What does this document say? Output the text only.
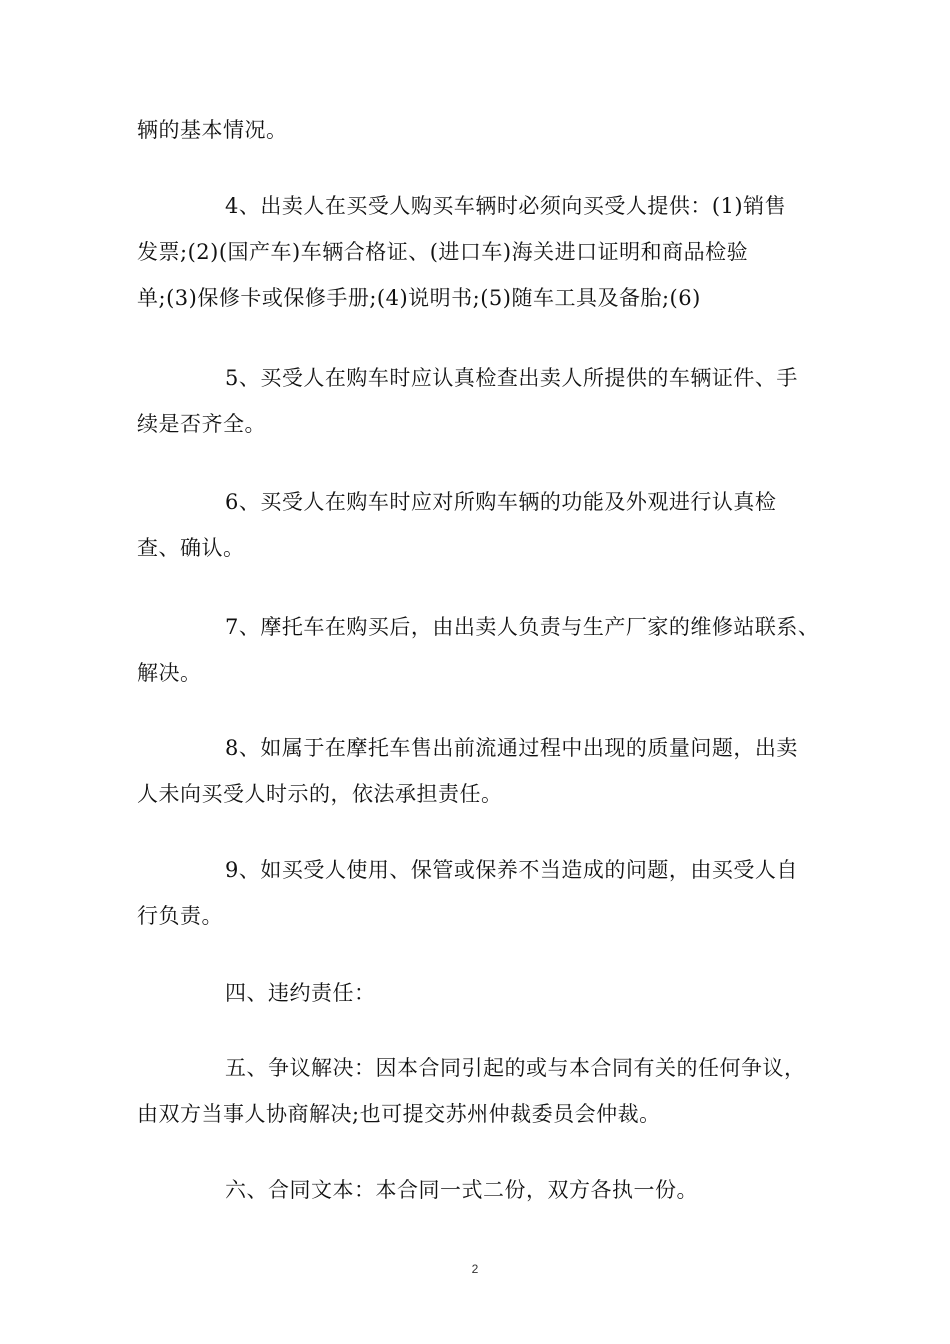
辆的基本情况。
4、出卖人在买受人购买车辆时必须向买受人提供：(1)销售
发票;(2)(国产车)车辆合格证、(进口车)海关进口证明和商品检验
单;(3)保修卡或保修手册;(4)说明书;(5)随车工具及备胎;(6)
5、买受人在购车时应认真检查出卖人所提供的车辆证件、手
续是否齐全。
6、买受人在购车时应对所购车辆的功能及外观进行认真检
查、确认。
7、摩托车在购买后，由出卖人负责与生产厂家的维修站联系、
解决。
8、如属于在摩托车售出前流通过程中出现的质量问题，出卖
人未向买受人时示的，依法承担责任。
9、如买受人使用、保管或保养不当造成的问题，由买受人自
行负责。
四、违约责任：
五、争议解决：因本合同引起的或与本合同有关的任何争议，
由双方当事人协商解决;也可提交苏州仲裁委员会仲裁。
六、合同文本：本合同一式二份，双方各执一份。
2
